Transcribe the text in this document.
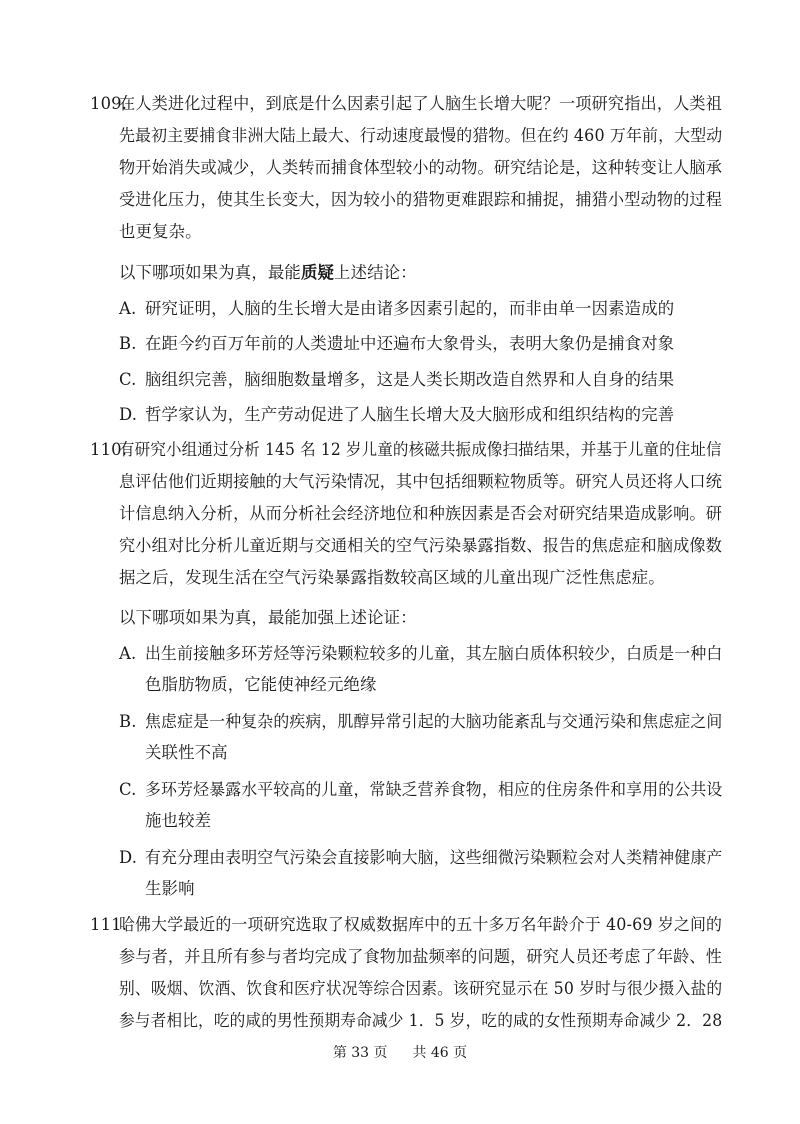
109.
在人类进化过程中，到底是什么因素引起了人脑生长增大呢？一项研究指出，人类祖
先最初主要捕食非洲大陆上最大、行动速度最慢的猎物。但在约 460 万年前，大型动
物开始消失或减少，人类转而捕食体型较小的动物。研究结论是，这种转变让人脑承
受进化压力，使其生长变大，因为较小的猎物更难跟踪和捕捉，捕猎小型动物的过程
也更复杂。
以下哪项如果为真，最能质疑上述结论：
A. 研究证明，人脑的生长增大是由诸多因素引起的，而非由单一因素造成的
B. 在距今约百万年前的人类遗址中还遍布大象骨头，表明大象仍是捕食对象
C. 脑组织完善，脑细胞数量增多，这是人类长期改造自然界和人自身的结果
D. 哲学家认为，生产劳动促进了人脑生长增大及大脑形成和组织结构的完善
110.
有研究小组通过分析 145 名 12 岁儿童的核磁共振成像扫描结果，并基于儿童的住址信
息评估他们近期接触的大气污染情况，其中包括细颗粒物质等。研究人员还将人口统
计信息纳入分析，从而分析社会经济地位和种族因素是否会对研究结果造成影响。研
究小组对比分析儿童近期与交通相关的空气污染暴露指数、报告的焦虑症和脑成像数
据之后，发现生活在空气污染暴露指数较高区域的儿童出现广泛性焦虑症。
以下哪项如果为真，最能加强上述论证：
A. 出生前接触多环芳烃等污染颗粒较多的儿童，其左脑白质体积较少，白质是一种白
色脂肪物质，它能使神经元绝缘
B. 焦虑症是一种复杂的疾病，肌醇异常引起的大脑功能紊乱与交通污染和焦虑症之间
关联性不高
C. 多环芳烃暴露水平较高的儿童，常缺乏营养食物，相应的住房条件和享用的公共设
施也较差
D. 有充分理由表明空气污染会直接影响大脑，这些细微污染颗粒会对人类精神健康产
生影响
111.
哈佛大学最近的一项研究选取了权威数据库中的五十多万名年龄介于 40-69 岁之间的
参与者，并且所有参与者均完成了食物加盐频率的问题，研究人员还考虑了年龄、性
别、吸烟、饮酒、饮食和医疗状况等综合因素。该研究显示在 50 岁时与很少摄入盐的
参与者相比，吃的咸的男性预期寿命减少 1．5 岁，吃的咸的女性预期寿命减少 2．28
第 33 页 共 46 页
